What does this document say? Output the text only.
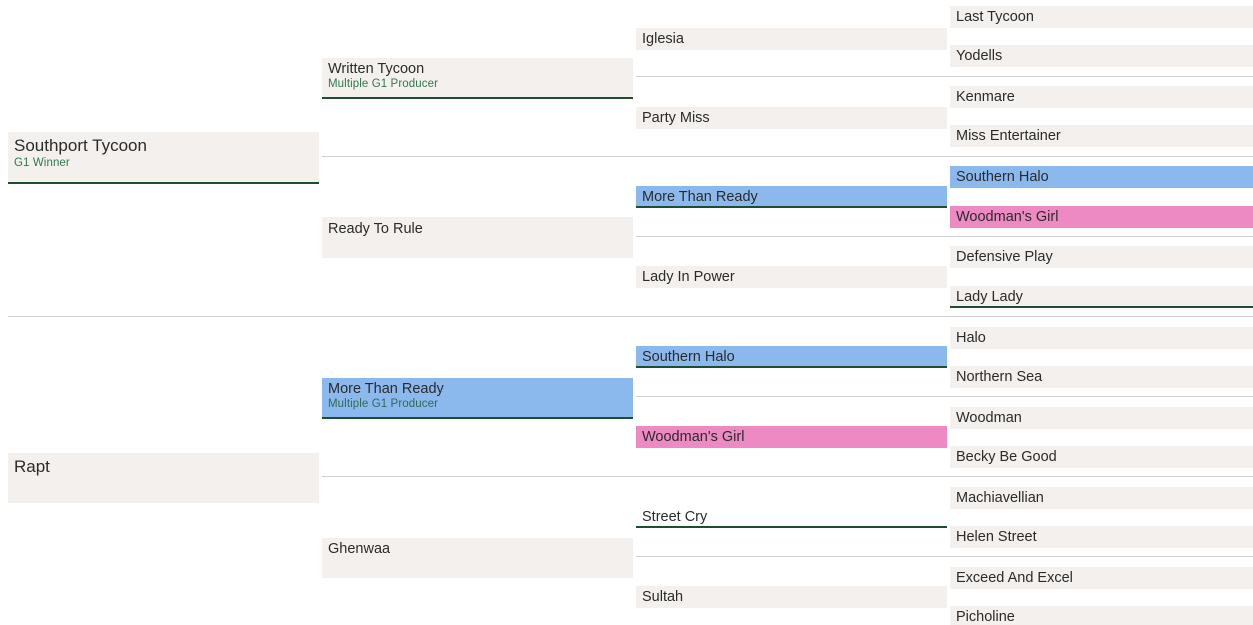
Southport Tycoon
G1 Winner
Rapt
Written Tycoon
Multiple G1 Producer
Ready To Rule
More Than Ready
Multiple G1 Producer
Ghenwaa
Iglesia
Party Miss
More Than Ready
Lady In Power
Southern Halo
Woodman's Girl
Street Cry
Sultah
Last Tycoon
Yodells
Kenmare
Miss Entertainer
Southern Halo
Woodman's Girl
Defensive Play
Lady Lady
Halo
Northern Sea
Woodman
Becky Be Good
Machiavellian
Helen Street
Exceed And Excel
Picholine
